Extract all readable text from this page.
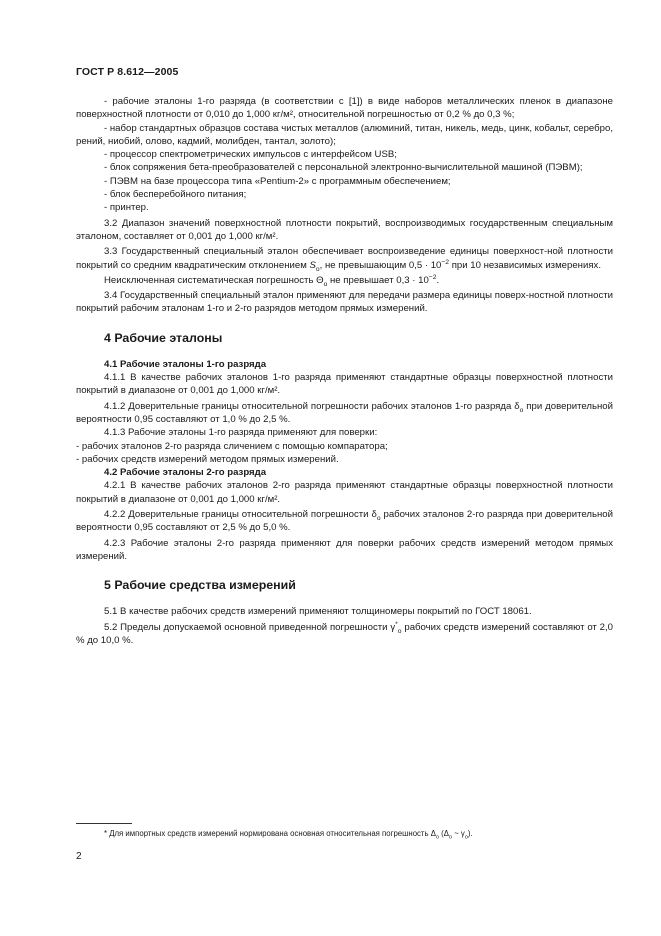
ГОСТ Р 8.612—2005

- рабочие эталоны 1-го разряда (в соответствии с [1]) в виде наборов металлических пленок в диапазоне поверхностной плотности от 0,010 до 1,000 кг/м², относительной погрешностью от 0,2 % до 0,3 %;

- набор стандартных образцов состава чистых металлов (алюминий, титан, никель, медь, цинк, кобальт, серебро, рений, ниобий, олово, кадмий, молибден, тантал, золото);

- процессор спектрометрических импульсов с интерфейсом USB;

- блок сопряжения бета-преобразователей с персональной электронно-вычислительной машиной (ПЭВМ);

- ПЭВМ на базе процессора типа «Pentium-2» с программным обеспечением;

- блок бесперебойного питания;

- принтер.

3.2 Диапазон значений поверхностной плотности покрытий, воспроизводимых государственным специальным эталоном, составляет от 0,001 до 1,000 кг/м².

3.3 Государственный специальный эталон обеспечивает воспроизведение единицы поверхност-ной плотности покрытий со средним квадратическим отклонением $S_о$, не превышающим $0,5 \cdot 10^{-2}$ при 10 независимых измерениях.

Неисключенная систематическая погрешность $\Theta_о$ не превышает $0,3 \cdot 10^{-2}$.

3.4 Государственный специальный эталон применяют для передачи размера единицы поверх-ностной плотности покрытий рабочим эталонам 1-го и 2-го разрядов методом прямых измерений.

4 Рабочие эталоны

4.1 Рабочие эталоны 1-го разряда

4.1.1 В качестве рабочих эталонов 1-го разряда применяют стандартные образцы поверхностной плотности покрытий в диапазоне от 0,001 до 1,000 кг/м².

4.1.2 Доверительные границы относительной погрешности рабочих эталонов 1-го разряда $\delta_о$ при доверительной вероятности 0,95 составляют от 1,0 % до 2,5 %.

4.1.3 Рабочие эталоны 1-го разряда применяют для поверки:

- рабочих эталонов 2-го разряда сличением с помощью компаратора;

- рабочих средств измерений методом прямых измерений.

4.2 Рабочие эталоны 2-го разряда

4.2.1 В качестве рабочих эталонов 2-го разряда применяют стандартные образцы поверхностной плотности покрытий в диапазоне от 0,001 до 1,000 кг/м².

4.2.2 Доверительные границы относительной погрешности $\delta_о$ рабочих эталонов 2-го разряда при доверительной вероятности 0,95 составляют от 2,5 % до 5,0 %.

4.2.3 Рабочие эталоны 2-го разряда применяют для поверки рабочих средств измерений методом прямых измерений.

5 Рабочие средства измерений

5.1 В качестве рабочих средств измерений применяют толщиномеры покрытий по ГОСТ 18061.

5.2 Пределы допускаемой основной приведенной погрешности $\gamma^*_о$ рабочих средств измерений составляют от 2,0 % до 10,0 %.

* Для импортных средств измерений нормирована основная относительная погрешность $\Delta_о$ ($\Delta_о$ ~ $\gamma_о$).
2
